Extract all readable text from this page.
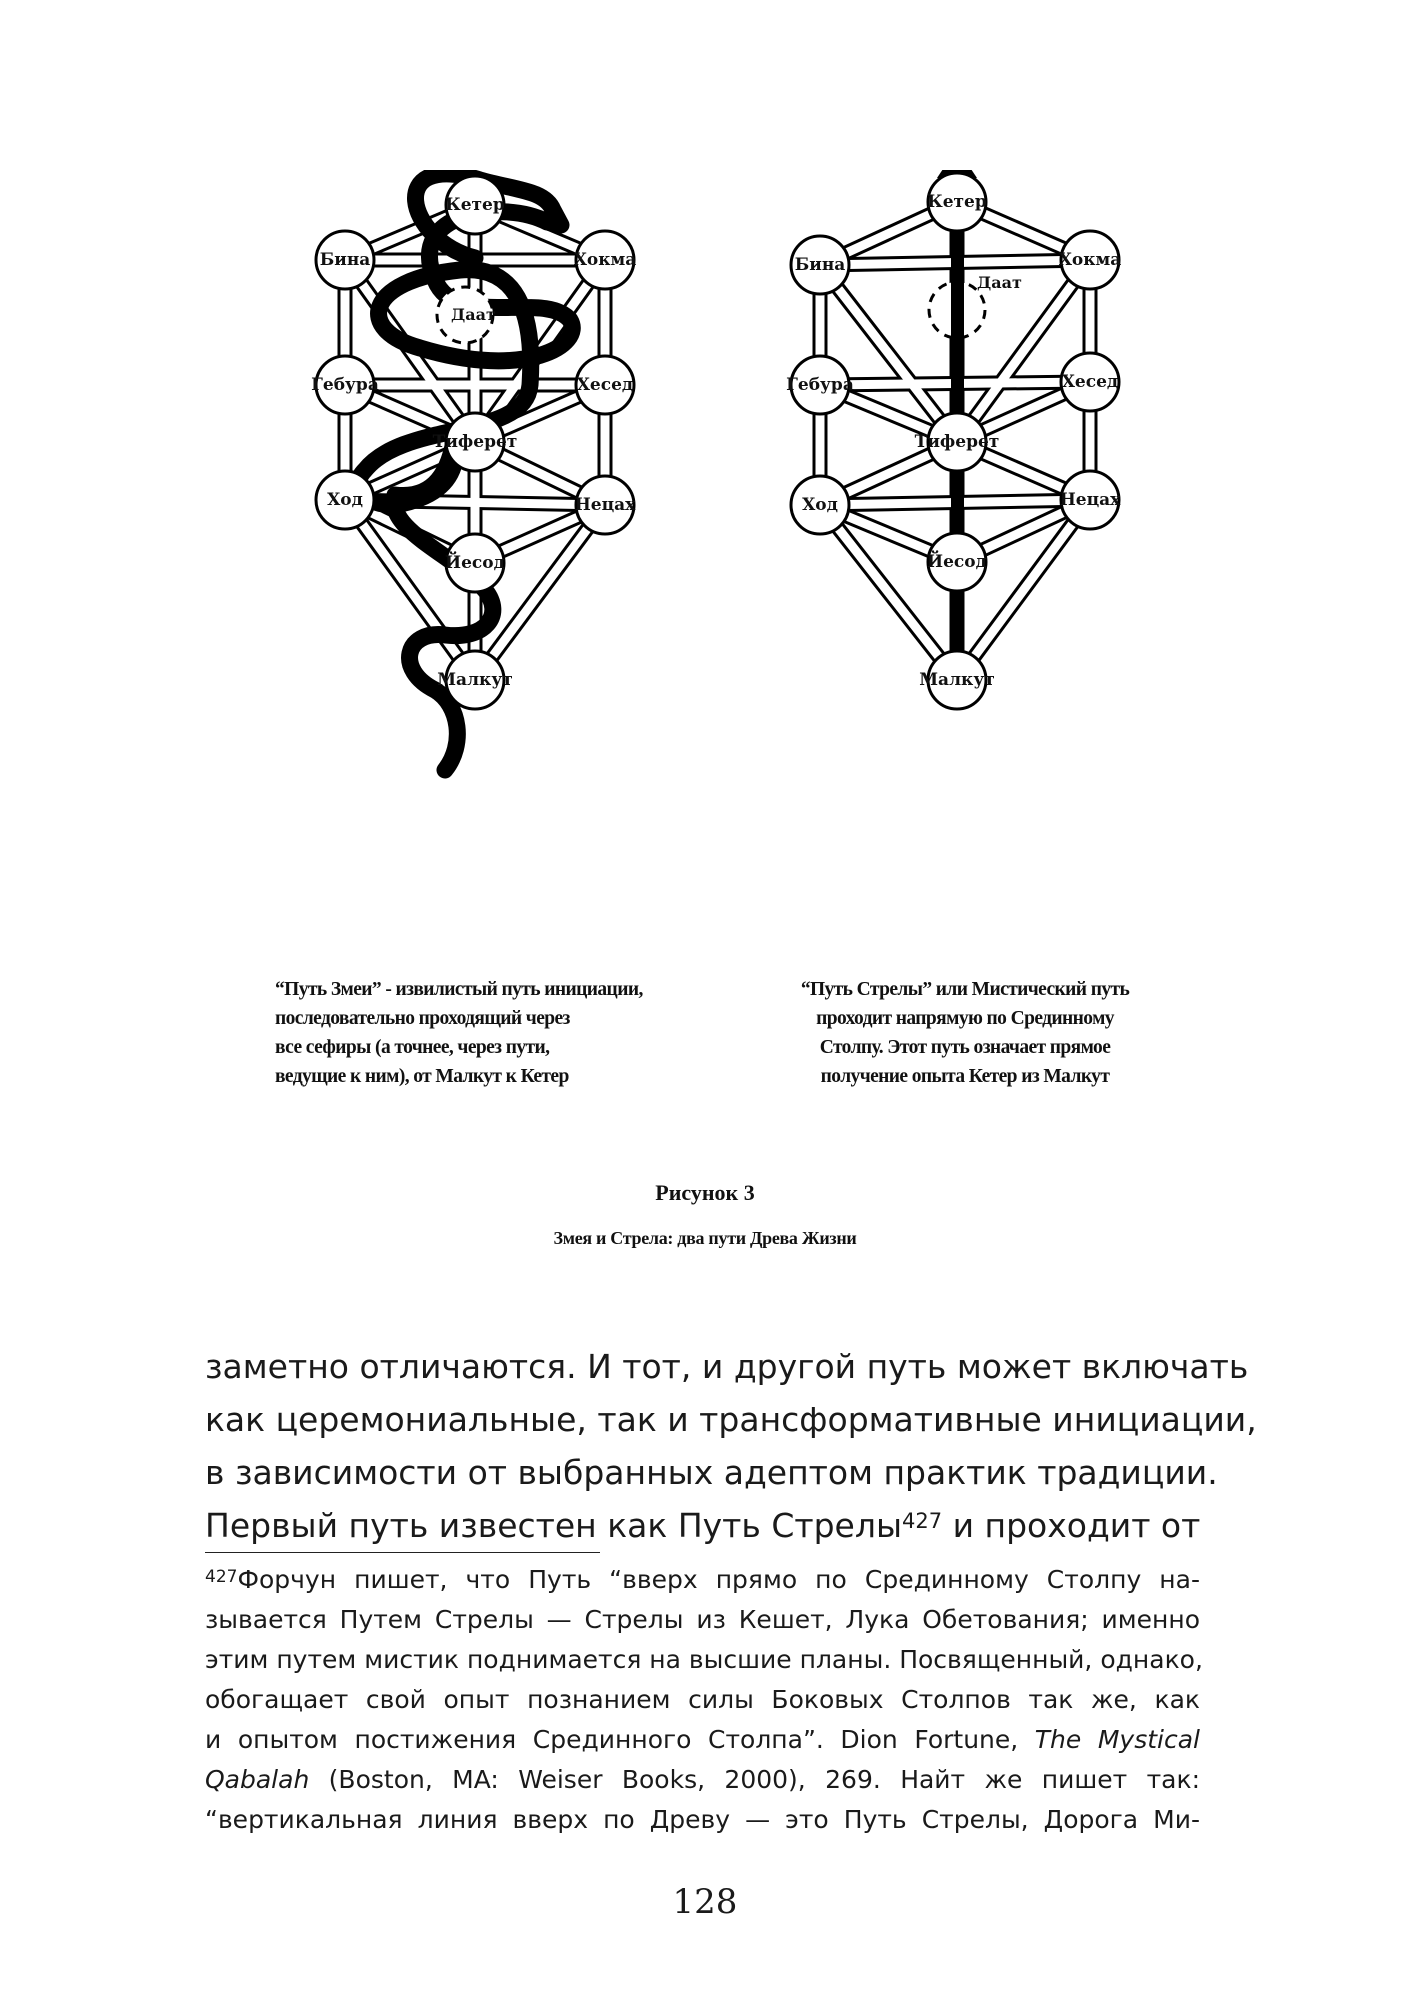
Даат
Кетер
Бина	Хокма
Гебура	Хесед
Тиферет
Ход	Нецах
Йесод
Малкут
Даат
Кетер
Бина	Хокма
Гебура	Хесед
Тиферет
Ход	Нецах
Йесод
Малкут
“Путь Змеи” - извилистый путь инициации,
последовательно проходящий через
все сефиры (а точнее, через пути,
ведущие к ним), от Малкут к Кетер
“Путь Стрелы” или Мистический путь
проходит напрямую по Срединному
Столпу. Этот путь означает прямое
получение опыта Кетер из Малкут
Рисунок 3
Змея и Стрела: два пути Древа Жизни
заметно отличаются. И тот, и другой путь может включать
как церемониальные, так и трансформативные инициации,
в зависимости от выбранных адептом практик традиции.
Первый путь известен как Путь Стрелы$^{427}$ и проходит от
$^{427}$Форчун пишет, что Путь “вверх прямо по Срединному Столпу на-
зывается Путем Стрелы — Стрелы из Кешет, Лука Обетования; именно
этим путем мистик поднимается на высшие планы. Посвященный, однако,
обогащает свой опыт познанием силы Боковых Столпов так же, как
и опытом постижения Срединного Столпа”. Dion Fortune, The Mystical
Qabalah (Boston, MA: Weiser Books, 2000), 269. Найт же пишет так:
“вертикальная линия вверх по Древу — это Путь Стрелы, Дорога Ми-
128
